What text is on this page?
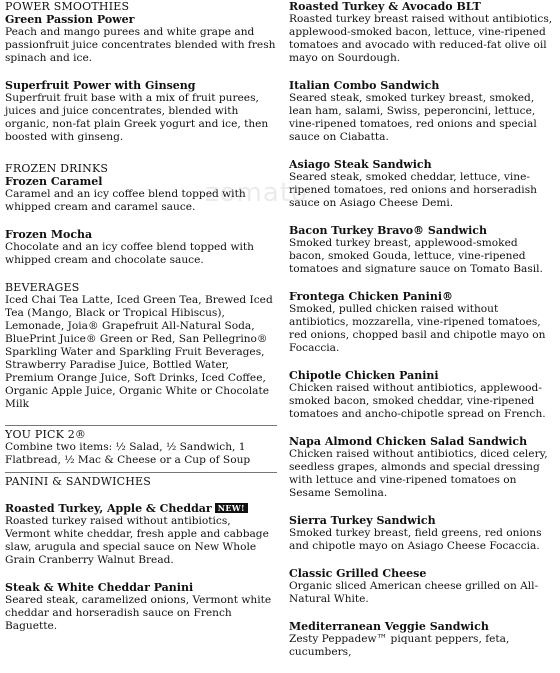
zomato
POWER SMOOTHIES
Green Passion Power
Peach and mango purees and white grape and passionfruit juice concentrates blended with fresh spinach and ice.
Superfruit Power with Ginseng
Superfruit fruit base with a mix of fruit purees, juices and juice concentrates, blended with organic, non-fat plain Greek yogurt and ice, then boosted with ginseng.
FROZEN DRINKS
Frozen Caramel
Caramel and an icy coffee blend topped with whipped cream and caramel sauce.
Frozen Mocha
Chocolate and an icy coffee blend topped with whipped cream and chocolate sauce.
BEVERAGES
Iced Chai Tea Latte, Iced Green Tea, Brewed Iced Tea (Mango, Black or Tropical Hibiscus), Lemonade, Joia® Grapefruit All-Natural Soda, BluePrint Juice® Green or Red, San Pellegrino® Sparkling Water and Sparkling Fruit Beverages, Strawberry Paradise Juice, Bottled Water, Premium Orange Juice, Soft Drinks, Iced Coffee, Organic Apple Juice, Organic White or Chocolate Milk
YOU PICK 2®
Combine two items: ½ Salad, ½ Sandwich, 1 Flatbread, ½ Mac & Cheese or a Cup of Soup
PANINI & SANDWICHES
Roasted Turkey, Apple & Cheddar NEW!
Roasted turkey raised without antibiotics, Vermont white cheddar, fresh apple and cabbage slaw, arugula and special sauce on New Whole Grain Cranberry Walnut Bread.
Steak & White Cheddar Panini
Seared steak, caramelized onions, Vermont white cheddar and horseradish sauce on French Baguette.
Roasted Turkey & Avocado BLT
Roasted turkey breast raised without antibiotics, applewood-smoked bacon, lettuce, vine-ripened tomatoes and avocado with reduced-fat olive oil mayo on Sourdough.
Italian Combo Sandwich
Seared steak, smoked turkey breast, smoked, lean ham, salami, Swiss, peperoncini, lettuce, vine-ripened tomatoes, red onions and special sauce on Ciabatta.
Asiago Steak Sandwich
Seared steak, smoked cheddar, lettuce, vine-ripened tomatoes, red onions and horseradish sauce on Asiago Cheese Demi.
Bacon Turkey Bravo® Sandwich
Smoked turkey breast, applewood-smoked bacon, smoked Gouda, lettuce, vine-ripened tomatoes and signature sauce on Tomato Basil.
Frontega Chicken Panini®
Smoked, pulled chicken raised without antibiotics, mozzarella, vine-ripened tomatoes, red onions, chopped basil and chipotle mayo on Focaccia.
Chipotle Chicken Panini
Chicken raised without antibiotics, applewood-smoked bacon, smoked cheddar, vine-ripened tomatoes and ancho-chipotle spread on French.
Napa Almond Chicken Salad Sandwich
Chicken raised without antibiotics, diced celery, seedless grapes, almonds and special dressing with lettuce and vine-ripened tomatoes on Sesame Semolina.
Sierra Turkey Sandwich
Smoked turkey breast, field greens, red onions and chipotle mayo on Asiago Cheese Focaccia.
Classic Grilled Cheese
Organic sliced American cheese grilled on All-Natural White.
Mediterranean Veggie Sandwich
Zesty Peppadew™ piquant peppers, feta, cucumbers,
